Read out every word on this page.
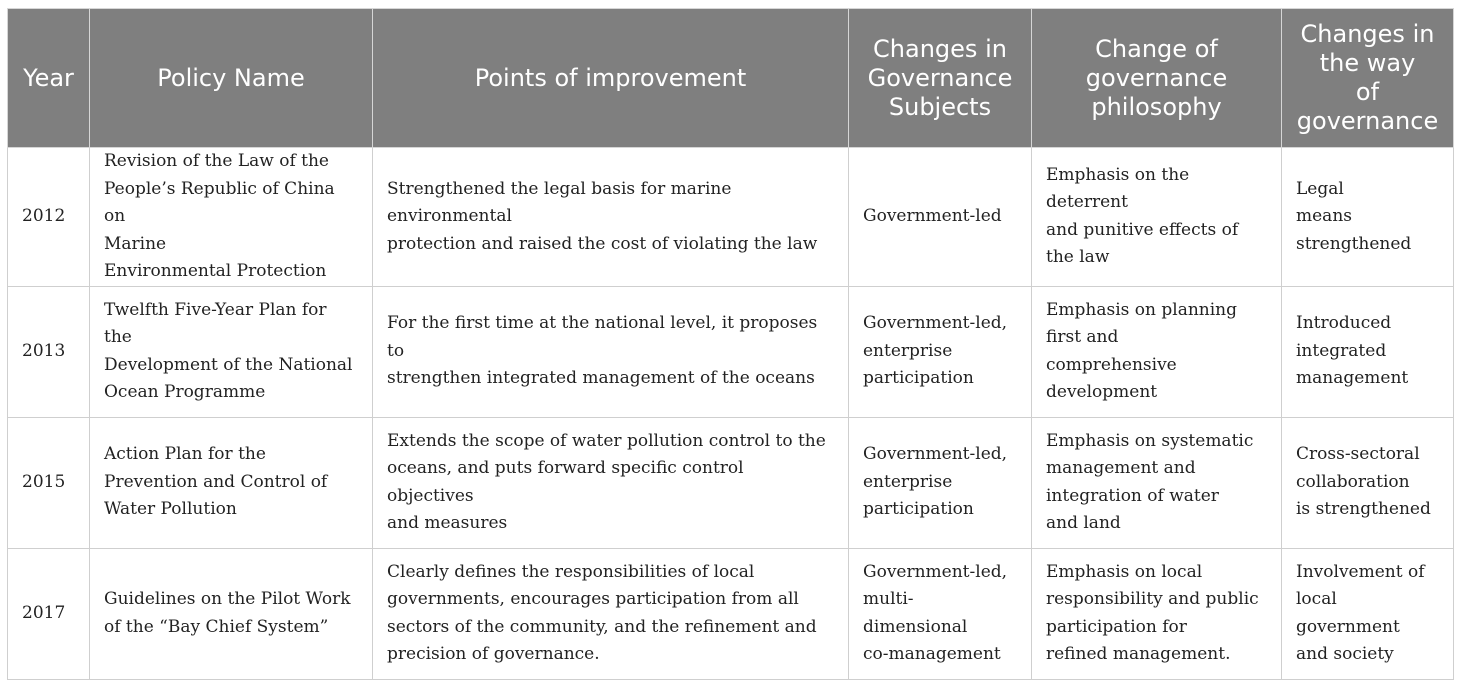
Year	Policy Name	Points of improvement	Changes in
Governance
Subjects	Change of
governance
philosophy	Changes in
the way
of
governance
2012	Revision of the Law of the
People’s Republic of China on
Marine
Environmental Protection	Strengthened the legal basis for marine environmental
protection and raised the cost of violating the law	Government-led	Emphasis on the deterrent
and punitive effects of
the law	Legal
means
strengthened
2013	Twelfth Five-Year Plan for the
Development of the National
Ocean Programme	For the first time at the national level, it proposes to
strengthen integrated management of the oceans	Government-led,
enterprise
participation	Emphasis on planning
first and
comprehensive
development	Introduced
integrated
management
2015	Action Plan for the
Prevention and Control of
Water Pollution	Extends the scope of water pollution control to the
oceans, and puts forward specific control objectives
and measures	Government-led,
enterprise
participation	Emphasis on systematic
management and
integration of water
and land	Cross-sectoral
collaboration
is strengthened
2017	Guidelines on the Pilot Work
of the “Bay Chief System”	Clearly defines the responsibilities of local
governments, encourages participation from all
sectors of the community, and the refinement and
precision of governance.	Government-led,
multi-dimensional
co-management	Emphasis on local
responsibility and public
participation for
refined management.	Involvement of
local government
and society
